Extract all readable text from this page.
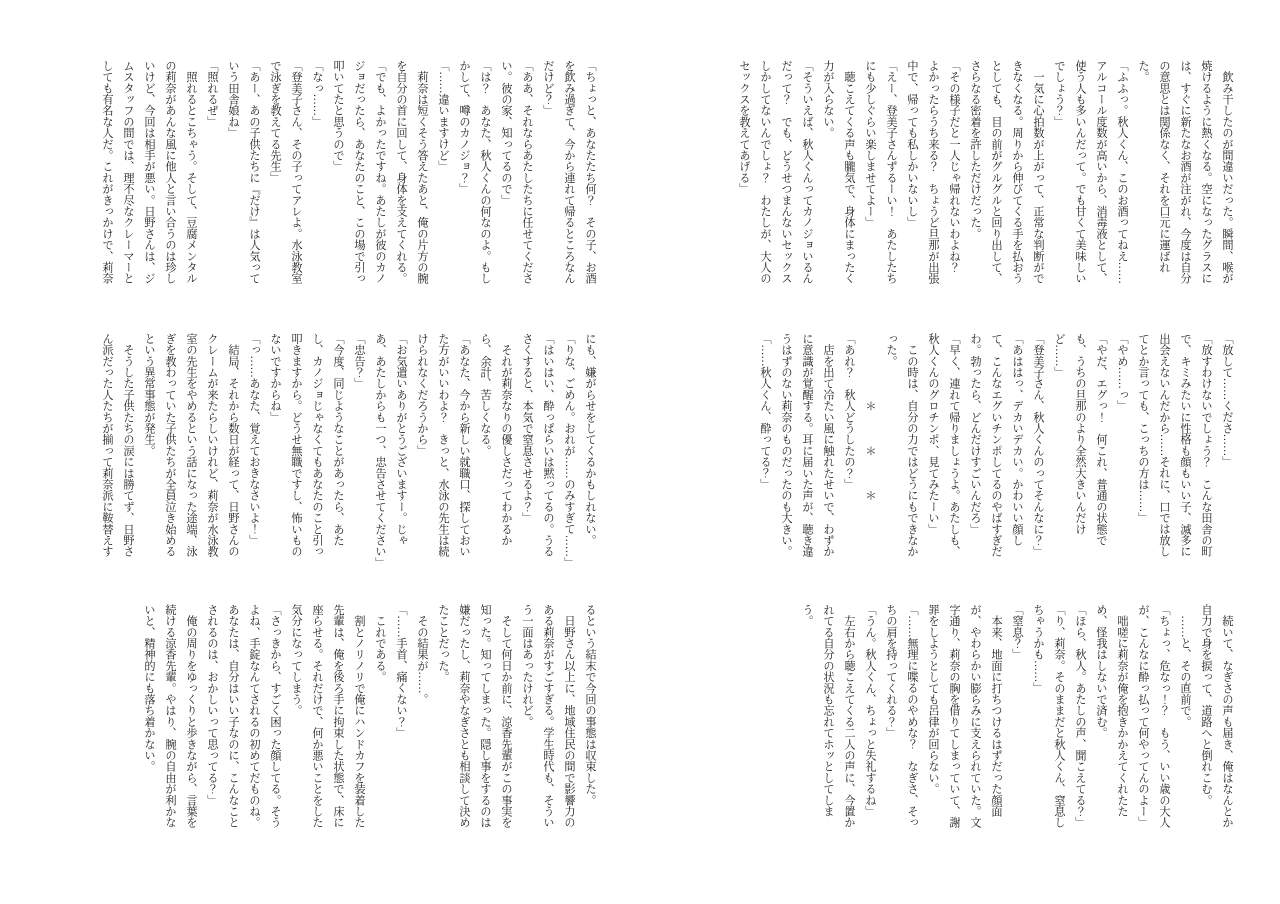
　飲み干したのが間違いだった。瞬間、喉が焼けるように熱くなる。空になったグラスには、すぐに新たなお酒が注がれ、今度は自分の意思とは関係なく、それを口元に運ばれた。

「ふふっ。秋人くん、このお酒ってねえ……アルコール度数が高いから、消毒液として、使う人も多いんだって。でも甘くて美味しいでしょう？」

　一気に心拍数が上がって、正常な判断ができなくなる。周りから伸びてくる手を払おうとしても、目の前がグルグルと回り出して、さらなる密着を許しただけだった。

「その様子だと一人じゃ帰れないわよね？　よかったらうち来る？　ちょうど旦那が出張中で、帰っても私しかいないし」

「えー、登美子さんずるーい！　あたしたちにも少しぐらい楽しませてよー」

　聴こえてくる声も朧気で、身体にまったく力が入らない。

「そういえば、秋人くんってカノジョいるんだって？　でも、どうせつまんないセックスしかしてないんでしょ？　わたしが、大人のセックスを教えてあげる」

「放して……くださ……」

「放すわけないでしょう？　こんな田舎の町で、キミみたいに性格も顔もいい子、滅多に出会えないんだから……それに、口では放してとか言っても、こっちの方は……」

「やめ……っ」

「やだ、エグっ！　何これ、普通の状態でも、うちの旦那のより全然大きいんだけど……」

「登美子さん、秋人くんのってそんなに？」

「あははっ、デカいデカい。かわいい顔して、こんなエグいチンポしてるのやばすぎだわ。勃ったら、どんだけすごいんだろ」

「早く、連れて帰りましょうよ。あたしも、秋人くんのグロチンポ、見てみたーい」

　この時は、自分の力ではどうにもできなかった。

　　　　　　＊　　　＊　　　＊

「あれ？　秋人どうしたの？」

　店を出て冷たい風に触れたせいで、わずかに意識が覚醒する。耳に届いた声が、聴き違うはずのない莉奈のものだったのも大きい。

「……秋人くん、酔ってる？」

　続いて、なぎさの声も届き、俺はなんとか自力で身を捩って、道路へと倒れこむ。

　……と、その直前で。

「ちょっ、危なっ！？　もう、いい歳の大人が、こんなに酔っ払って何やってんのよー」

　咄嗟に莉奈が俺を抱きかかえてくれたため、怪我はしないで済む。

「ほら、秋人。あたしの声、聞こえてる？」

「り、莉奈。そのままだと秋人くん、窒息しちゃうかも……」

「窒息？」

　本来、地面に打ちつけるはずだった顔面が、やわらかい膨らみに支えられていた。文字通り、莉奈の胸を借りてしまっていて、謝罪をしようとしても呂律が回らない。

「……無理に喋るのやめな？　なぎさ、そっちの肩を持ってくれる？」

「うん。秋人くん、ちょっと失礼するね」

　左右から聴こえてくる二人の声に、今置かれてる自分の状況も忘れてホッとしてしまう。

「ちょっと、あなたたち何？　その子、お酒を飲み過ぎて、今から連れて帰るところなんだけど？」

「ああ、それならあたしたちに任せてください。彼の家、知ってるので」

「は？　あなた、秋人くんの何なのよ。もしかして、噂のカノジョ？」

「……違いますけど」

　莉奈は短くそう答えたあと、俺の片方の腕を自分の首に回して、身体を支えてくれる。

「でも、よかったですね。あたしが彼のカノジョだったら、あなたのこと、この場で引っ叩いてたと思うので」

「なっ……」

「登美子さん、その子ってアレよ。水泳教室で泳ぎを教えてる先生」

「あー、あの子供たちに『だけ』は人気っていう田舎娘ね」

「照れるぜ」

　照れるとこちゃう。そして、豆腐メンタルの莉奈があんな風に他人と言い合うのは珍しいけど、今回は相手が悪い。日野さんは、ジムスタッフの間では、理不尽なクレーマーとしても有名な人だ。これがきっかけで、莉奈

にも、嫌がらせをしてくるかもしれない。

「りな、ごめん。おれが……のみすぎて……」

「はいはい、酔っぱらいは黙ってるの。うるさくすると、本気で窒息させるよ？」

　それが莉奈なりの優しさだってわかるから、余計、苦しくなる。

「あなた、今から新しい就職口、探しておいた方がいいわよ？　きっと、水泳の先生は続けられなくだろうから」

「お気遣いありがとうございますー。じゃあ、あたしからも一つ、忠告させてください」

「忠告？」

「今度、同じようなことがあったら、あたし、カノジョじゃなくてもあなたのこと引っ叩きますから。どうせ無職ですし、怖いものないですからね」

「っ……あなた、覚えておきなさいよ！」

　結局、それから数日が経って、日野さんのクレームが来たらしいけれど、莉奈が水泳教室の先生をやめるという話になった途端、泳ぎを教わっていた子供たちが全員泣き始めるという異常事態が発生。

　そうした子供たちの涙には勝てず、日野さん派だった人たちが揃って莉奈派に鞍替えす

るという結末で今回の事態は収束した。

　日野さん以上に、地域住民の間で影響力のある莉奈がすごすぎる。学生時代も、そういう一面はあったけれど。

　そして何日か前に、涼香先輩がこの事実を知った。知ってしまった。隠し事をするのは嫌だったし、莉奈やなぎさとも相談して決めたことだった。

　その結果が……。

「……手首、痛くない？」

　これである。

　割とノリノリで俺にハンドカフを装着した先輩は、俺を後ろ手に拘束した状態で、床に座らせる。それだけで、何か悪いことをした気分になってしまう。

「さっきから、すごく困った顔してる。そうよね、手錠なんてされるの初めてだものね。あなたは、自分はいい子なのに、こんなことされるのは、おかしいって思ってる？」

　俺の周りをゆっくりと歩きながら、言葉を続ける涼香先輩。やはり、腕の自由が利かないと、精神的にも落ち着かない。
